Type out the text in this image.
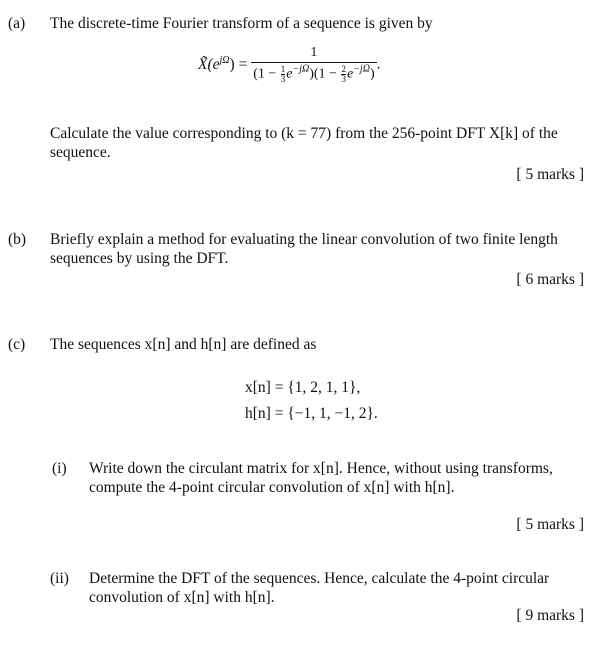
(a) The discrete-time Fourier transform of a sequence is given by
$X̃(e^{j\Omega}) = \frac{1}{(1 - \frac{1}{3} e^{-j\Omega})(1 - \frac{2}{3} e^{-j\Omega})}$ .
Calculate the value corresponding to (k = 77) from the 256-point DFT X[k] of the sequence.
[ 5 marks ]
(b) Briefly explain a method for evaluating the linear convolution of two finite length sequences by using the DFT.
[ 6 marks ]
(c) The sequences x[n] and h[n] are defined as
x[n] = {1, 2, 1, 1},
h[n] = {−1, 1, −1, 2}.
(i) Write down the circulant matrix for x[n]. Hence, without using transforms, compute the 4-point circular convolution of x[n] with h[n].
[ 5 marks ]
(ii) Determine the DFT of the sequences. Hence, calculate the 4-point circular convolution of x[n] with h[n].
[ 9 marks ]
